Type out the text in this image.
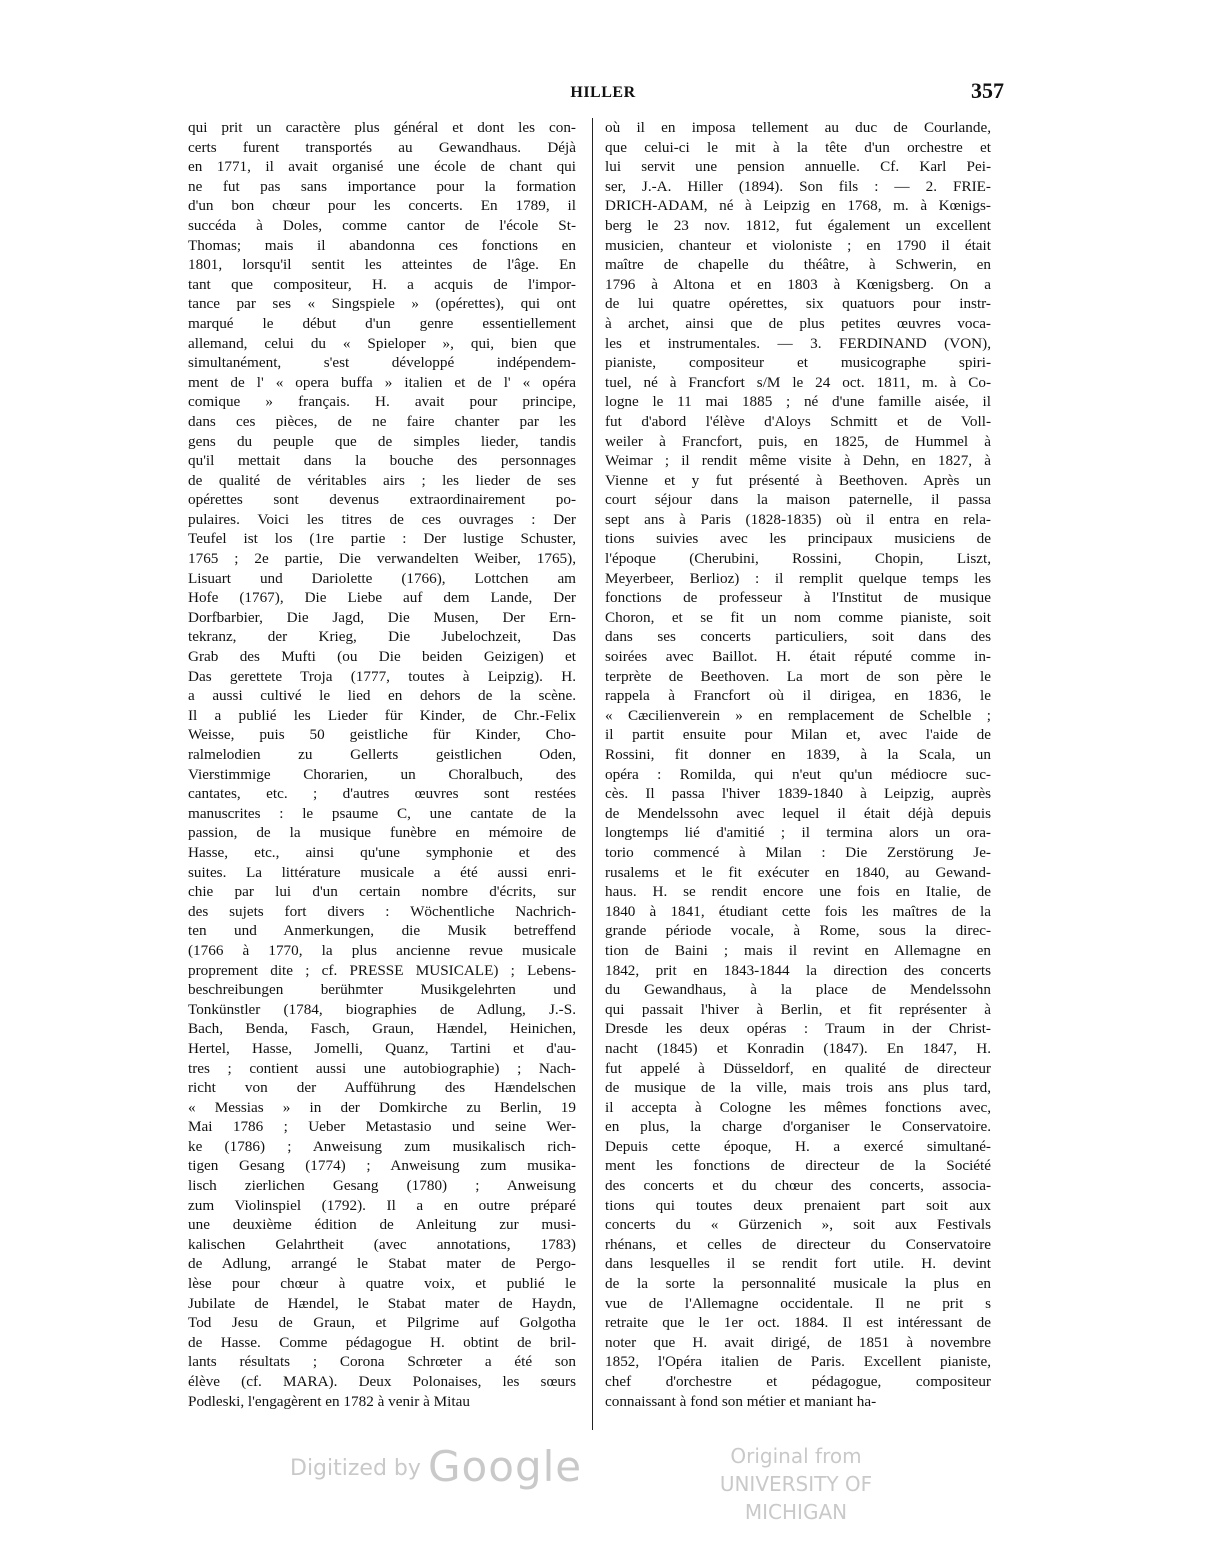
HILLER	357
qui prit un caractère plus général et dont les con-
certs furent transportés au Gewandhaus. Déjà
en 1771, il avait organisé une école de chant qui
ne fut pas sans importance pour la formation
d'un bon chœur pour les concerts. En 1789, il
succéda à Doles, comme cantor de l'école St-
Thomas; mais il abandonna ces fonctions en
1801, lorsqu'il sentit les atteintes de l'âge. En
tant que compositeur, H. a acquis de l'impor-
tance par ses « Singspiele » (opérettes), qui ont
marqué le début d'un genre essentiellement
allemand, celui du « Spieloper », qui, bien que
simultanément, s'est développé indépendem-
ment de l' « opera buffa » italien et de l' « opéra
comique » français. H. avait pour principe,
dans ces pièces, de ne faire chanter par les
gens du peuple que de simples lieder, tandis
qu'il mettait dans la bouche des personnages
de qualité de véritables airs ; les lieder de ses
opérettes sont devenus extraordinairement po-
pulaires. Voici les titres de ces ouvrages : Der
Teufel ist los (1re partie : Der lustige Schuster,
1765 ; 2e partie, Die verwandelten Weiber, 1765),
Lisuart und Dariolette (1766), Lottchen am
Hofe (1767), Die Liebe auf dem Lande, Der
Dorfbarbier, Die Jagd, Die Musen, Der Ern-
tekranz, der Krieg, Die Jubelochzeit, Das
Grab des Mufti (ou Die beiden Geizigen) et
Das gerettete Troja (1777, toutes à Leipzig). H.
a aussi cultivé le lied en dehors de la scène.
Il a publié les Lieder für Kinder, de Chr.-Felix
Weisse, puis 50 geistliche für Kinder, Cho-
ralmelodien zu Gellerts geistlichen Oden,
Vierstimmige Chorarien, un Choralbuch, des
cantates, etc. ; d'autres œuvres sont restées
manuscrites : le psaume C, une cantate de la
passion, de la musique funèbre en mémoire de
Hasse, etc., ainsi qu'une symphonie et des
suites. La littérature musicale a été aussi enri-
chie par lui d'un certain nombre d'écrits, sur
des sujets fort divers : Wöchentliche Nachrich-
ten und Anmerkungen, die Musik betreffend
(1766 à 1770, la plus ancienne revue musicale
proprement dite ; cf. PRESSE MUSICALE) ; Lebens-
beschreibungen berühmter Musikgelehrten und
Tonkünstler (1784, biographies de Adlung, J.-S.
Bach, Benda, Fasch, Graun, Hændel, Heinichen,
Hertel, Hasse, Jomelli, Quanz, Tartini et d'au-
tres ; contient aussi une autobiographie) ; Nach-
richt von der Aufführung des Hændelschen
« Messias » in der Domkirche zu Berlin, 19
Mai 1786 ; Ueber Metastasio und seine Wer-
ke (1786) ; Anweisung zum musikalisch rich-
tigen Gesang (1774) ; Anweisung zum musika-
lisch zierlichen Gesang (1780) ; Anweisung
zum Violinspiel (1792). Il a en outre préparé
une deuxième édition de Anleitung zur musi-
kalischen Gelahrtheit (avec annotations, 1783)
de Adlung, arrangé le Stabat mater de Pergo-
lèse pour chœur à quatre voix, et publié le
Jubilate de Hændel, le Stabat mater de Haydn,
Tod Jesu de Graun, et Pilgrime auf Golgotha
de Hasse. Comme pédagogue H. obtint de bril-
lants résultats ; Corona Schrœter a été son
élève (cf. MARA). Deux Polonaises, les sœurs
Podleski, l'engagèrent en 1782 à venir à Mitau
où il en imposa tellement au duc de Courlande,
que celui-ci le mit à la tête d'un orchestre et
lui servit une pension annuelle. Cf. Karl Pei-
ser, J.-A. Hiller (1894). Son fils : — 2. FRIE-
DRICH-ADAM, né à Leipzig en 1768, m. à Kœnigs-
berg le 23 nov. 1812, fut également un excellent
musicien, chanteur et violoniste ; en 1790 il était
maître de chapelle du théâtre, à Schwerin, en
1796 à Altona et en 1803 à Kœnigsberg. On a
de lui quatre opérettes, six quatuors pour instr-
à archet, ainsi que de plus petites œuvres voca-
les et instrumentales. — 3. FERDINAND (VON),
pianiste, compositeur et musicographe spiri-
tuel, né à Francfort s/M le 24 oct. 1811, m. à Co-
logne le 11 mai 1885 ; né d'une famille aisée, il
fut d'abord l'élève d'Aloys Schmitt et de Voll-
weiler à Francfort, puis, en 1825, de Hummel à
Weimar ; il rendit même visite à Dehn, en 1827, à
Vienne et y fut présenté à Beethoven. Après un
court séjour dans la maison paternelle, il passa
sept ans à Paris (1828-1835) où il entra en rela-
tions suivies avec les principaux musiciens de
l'époque (Cherubini, Rossini, Chopin, Liszt,
Meyerbeer, Berlioz) : il remplit quelque temps les
fonctions de professeur à l'Institut de musique
Choron, et se fit un nom comme pianiste, soit
dans ses concerts particuliers, soit dans des
soirées avec Baillot. H. était réputé comme in-
terprète de Beethoven. La mort de son père le
rappela à Francfort où il dirigea, en 1836, le
« Cæcilienverein » en remplacement de Schelble ;
il partit ensuite pour Milan et, avec l'aide de
Rossini, fit donner en 1839, à la Scala, un
opéra : Romilda, qui n'eut qu'un médiocre suc-
cès. Il passa l'hiver 1839-1840 à Leipzig, auprès
de Mendelssohn avec lequel il était déjà depuis
longtemps lié d'amitié ; il termina alors un ora-
torio commencé à Milan : Die Zerstörung Je-
rusalems et le fit exécuter en 1840, au Gewand-
haus. H. se rendit encore une fois en Italie, de
1840 à 1841, étudiant cette fois les maîtres de la
grande période vocale, à Rome, sous la direc-
tion de Baini ; mais il revint en Allemagne en
1842, prit en 1843-1844 la direction des concerts
du Gewandhaus, à la place de Mendelssohn
qui passait l'hiver à Berlin, et fit représenter à
Dresde les deux opéras : Traum in der Christ-
nacht (1845) et Konradin (1847). En 1847, H.
fut appelé à Düsseldorf, en qualité de directeur
de musique de la ville, mais trois ans plus tard,
il accepta à Cologne les mêmes fonctions avec,
en plus, la charge d'organiser le Conservatoire.
Depuis cette époque, H. a exercé simultané-
ment les fonctions de directeur de la Société
des concerts et du chœur des concerts, associa-
tions qui toutes deux prenaient part soit aux
concerts du « Gürzenich », soit aux Festivals
rhénans, et celles de directeur du Conservatoire
dans lesquelles il se rendit fort utile. H. devint
de la sorte la personnalité musicale la plus en
vue de l'Allemagne occidentale. Il ne prit s
retraite que le 1er oct. 1884. Il est intéressant de
noter que H. avait dirigé, de 1851 à novembre
1852, l'Opéra italien de Paris. Excellent pianiste,
chef d'orchestre et pédagogue, compositeur
connaissant à fond son métier et maniant ha-
Digitized by Google	Original from
UNIVERSITY OF MICHIGAN
